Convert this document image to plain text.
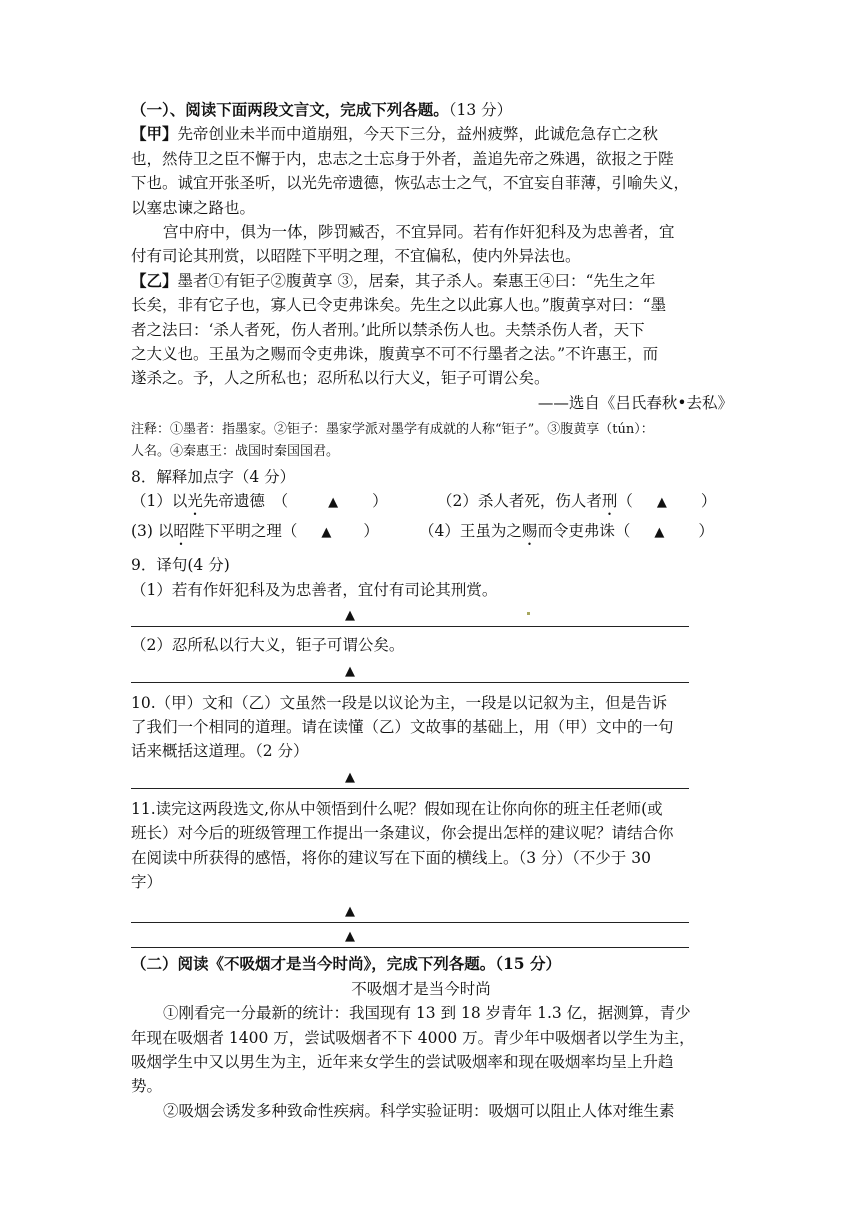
（一）、阅读下面两段文言文，完成下列各题。（13 分）
【甲】先帝创业未半而中道崩殂，今天下三分，益州疲弊，此诚危急存亡之秋
也，然侍卫之臣不懈于内，忠志之士忘身于外者，盖追先帝之殊遇，欲报之于陛
下也。诚宜开张圣听，以光先帝遗德，恢弘志士之气，不宜妄自菲薄，引喻失义，
以塞忠谏之路也。
宫中府中，俱为一体，陟罚臧否，不宜异同。若有作奸犯科及为忠善者，宜
付有司论其刑赏，以昭陛下平明之理，不宜偏私，使内外异法也。
【乙】墨者①有钜子②腹黄享 ③，居秦，其子杀人。秦惠王④曰：“先生之年
长矣，非有它子也，寡人已令吏弗诛矣。先生之以此寡人也。”腹黄享对曰：“墨
者之法曰：‘杀人者死，伤人者刑。’此所以禁杀伤人也。夫禁杀伤人者，天下
之大义也。王虽为之赐而令吏弗诛，腹黄享不可不行墨者之法。”不许惠王，而
遂杀之。予，人之所私也；忍所私以行大义，钜子可谓公矣。
——选自《吕氏春秋•去私》
注释：①墨者：指墨家。②钜子：墨家学派对墨学有成就的人称“钜子”。③腹黄享（tún）：
人名。④秦惠王：战国时秦国国君。
8．解释加点字（4 分）
（1）以光先帝遗德　（	▲ ）	（2）杀人者死，伤人者刑（ ▲ ）
(3) 以昭陛下平明之理（ ▲ ）	（4）王虽为之赐而令吏弗诛（ ▲ ）
9．译句(4 分)
（1）若有作奸犯科及为忠善者，宜付有司论其刑赏。
▲
（2）忍所私以行大义，钜子可谓公矣。
▲
10.（甲）文和（乙）文虽然一段是以议论为主，一段是以记叙为主，但是告诉
了我们一个相同的道理。请在读懂（乙）文故事的基础上，用（甲）文中的一句
话来概括这道理。（2 分）
▲
11.读完这两段选文,你从中领悟到什么呢？假如现在让你向你的班主任老师(或
班长）对今后的班级管理工作提出一条建议，你会提出怎样的建议呢？请结合你
在阅读中所获得的感悟，将你的建议写在下面的横线上。（3 分）（不少于 30
字）
▲
▲
（二）阅读《不吸烟才是当今时尚》，完成下列各题。（15 分）
不吸烟才是当今时尚
①刚看完一分最新的统计：我国现有 13 到 18 岁青年 1.3 亿，据测算，青少
年现在吸烟者 1400 万，尝试吸烟者不下 4000 万。青少年中吸烟者以学生为主，
吸烟学生中又以男生为主，近年来女学生的尝试吸烟率和现在吸烟率均呈上升趋
势。
②吸烟会诱发多种致命性疾病。科学实验证明：吸烟可以阻止人体对维生素
